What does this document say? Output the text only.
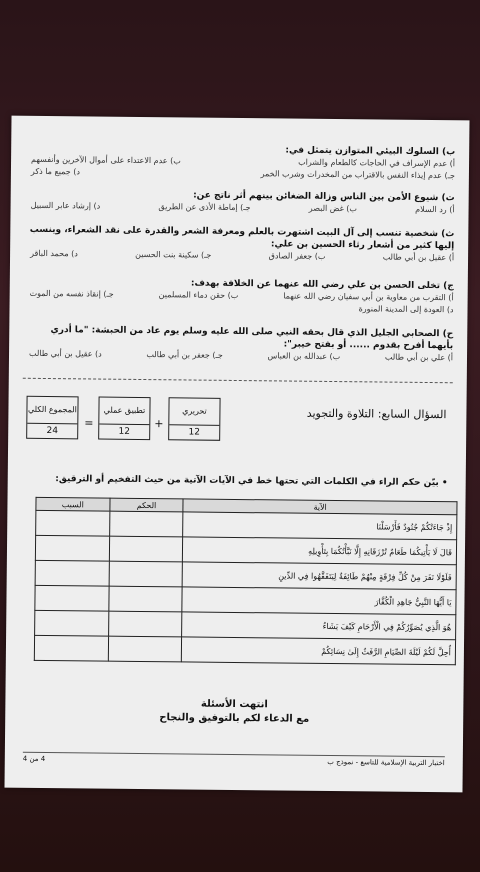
ب) السلوك البيئي المتوازن يتمثل في:
أ) عدم الإسراف في الحاجات كالطعام والشراب
ب) عدم الاعتداء على أموال الآخرين وأنفسهم
جـ) عدم إيذاء النفس بالاقتراب من المخدرات وشرب الخمر
د) جميع ما ذكر
ت) شيوع الأمن بين الناس وزالة الضغائن بينهم أثر ناتج عن:
أ) رد السلام
ب) غض البصر
جـ) إماطة الأذى عن الطريق
د) إرشاد عابر السبيل
ث) شخصية تنسب إلى آل البيت اشتهرت بالعلم ومعرفة الشعر والقدرة على نقد الشعراء، وينسب إليها كثير من أشعار رثاء الحسين بن علي:
أ) عقيل بن أبي طالب
ب) جعفر الصادق
جـ) سكينة بنت الحسين
د) محمد الباقر
ج) تخلى الحسن بن علي رضي الله عنهما عن الخلافة بهدف:
أ) التقرب من معاوية بن أبي سفيان رضي الله عنهما
ب) حقن دماء المسلمين
جـ) إنقاذ نفسه من الموت
د) العودة إلى المدينة المنورة
ح) الصحابي الجليل الذي قال بحقه النبي صلى الله عليه وسلم يوم عاد من الحبشة: "ما أدري بأيهما أفرح بقدوم ...... أو بفتح خيبر":
أ) علي بن أبي طالب
ب) عبدالله بن العباس
جـ) جعفر بن أبي طالب
د) عقيل بن أبي طالب
المجموع الكلي
24
=
تطبيق عملي
12
+
تحريري
12
السؤال السابع: التلاوة والتجويد
• بيّن حكم الراء في الكلمات التي تحتها خط في الآيات الآتية من حيث التفخيم أو الترقيق:
الآية	الحكم	السبب
إِذْ جَاءَتْكُمْ جُنُودٌ فَأَرْسَلْنَا		
قَالَ لَا يَأْتِيكُمَا طَعَامٌ تُرْزَقَانِهِ إِلَّا نَبَّأْتُكُمَا بِتَأْوِيلِهِ		
فَلَوْلَا نَفَرَ مِنْ كُلِّ فِرْقَةٍ مِنْهُمْ طَائِفَةٌ لِيَتَفَقَّهُوا فِي الدِّينِ		
يَا أَيُّهَا النَّبِيُّ جَاهِدِ الْكُفَّارَ		
هُوَ الَّذِي يُصَوِّرُكُمْ فِي الْأَرْحَامِ كَيْفَ يَشَاءُ		
أُحِلَّ لَكُمْ لَيْلَةَ الصِّيَامِ الرَّفَثُ إِلَىٰ نِسَائِكُمْ		
انتهت الأسئلة
مع الدعاء لكم بالتوفيق والنجاح
اختبار التربية الإسلامية للتاسع - نموذج ب
4 من 4
